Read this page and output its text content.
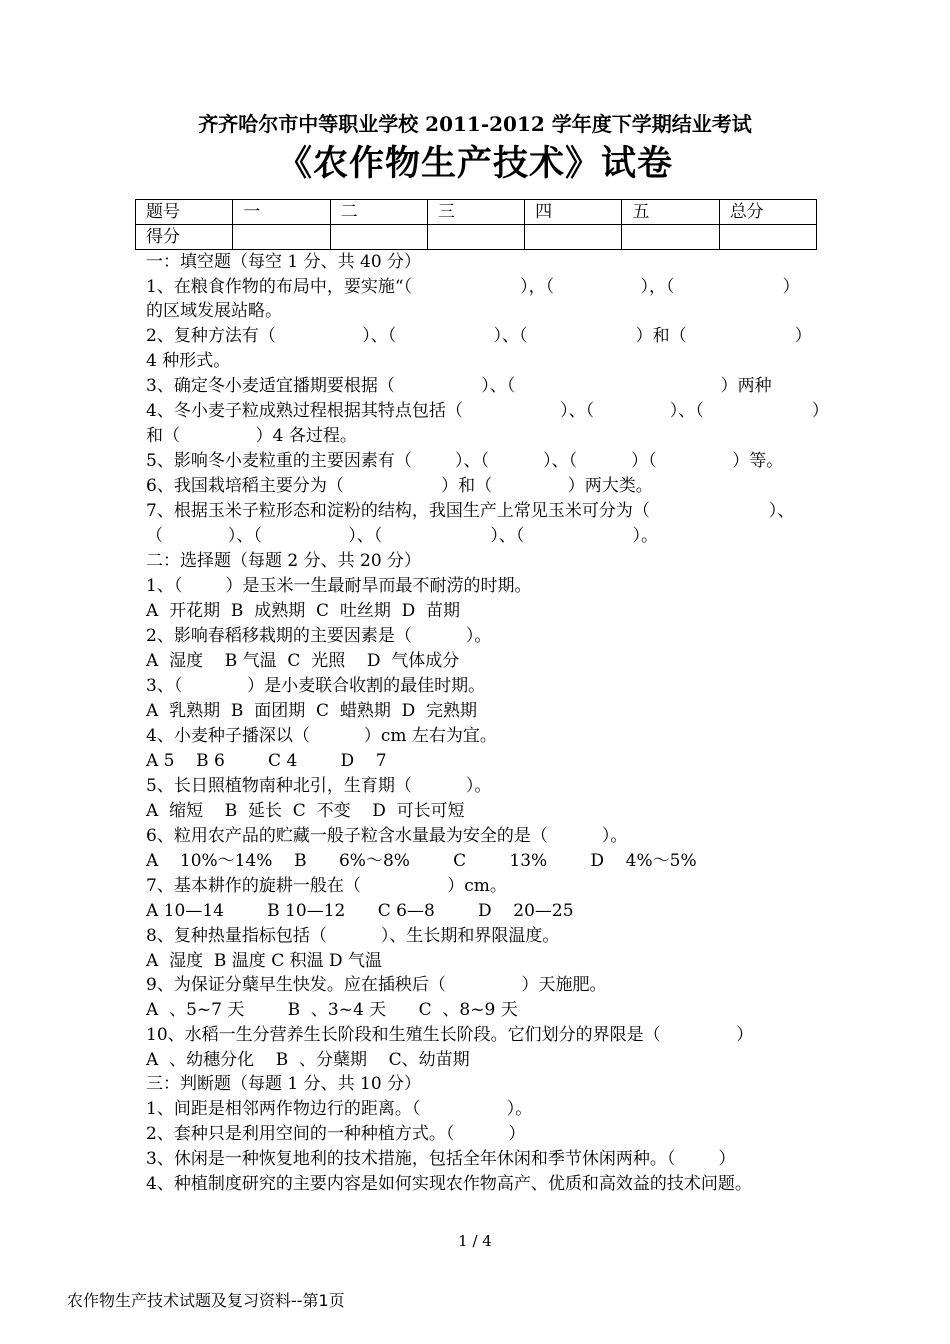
齐齐哈尔市中等职业学校 2011-2012 学年度下学期结业考试
《农作物生产技术》试卷
题号	一	二	三	四	五	总分
得分						
一：填空题（每空 1 分、共 40 分）
1、在粮食作物的布局中，要实施“（                    ），（                ），（                    ）
的区域发展站略。
2、复种方法有（                ）、（                  ）、（                    ）和（                    ）
4 种形式。
3、确定冬小麦适宜播期要根据（                ）、（                                      ）两种
4、冬小麦子粒成熟过程根据其特点包括（                  ）、（              ）、（                    ）
和（              ）4 各过程。
5、影响冬小麦粒重的主要因素有（        ）、（          ）、（          ）（              ）等。
6、我国栽培稻主要分为（                  ）和（              ）两大类。
7、根据玉米子粒形态和淀粉的结构，我国生产上常见玉米可分为（                      ）、
（            ）、（                ）、（                    ）、（                    ）。
二：选择题（每题 2 分、共 20 分）
1、（        ）是玉米一生最耐旱而最不耐涝的时期。
A  开花期  B  成熟期  C  吐丝期  D  苗期
2、影响春稻移栽期的主要因素是（          ）。
A  湿度    B 气温  C  光照    D  气体成分
3、（            ）是小麦联合收割的最佳时期。
A  乳熟期  B  面团期  C  蜡熟期  D  完熟期
4、小麦种子播深以（          ）cm 左右为宜。
A 5    B 6        C 4        D    7
5、长日照植物南种北引，生育期（          ）。
A  缩短    B  延长  C  不变    D  可长可短
6、粒用农产品的贮藏一般子粒含水量最为安全的是（          ）。
A    10%～14%    B      6%～8%        C        13%        D    4%～5%
7、基本耕作的旋耕一般在（                ）cm。
A 10—14        B 10—12      C 6—8        D    20—25
8、复种热量指标包括（          ）、生长期和界限温度。
A  湿度  B 温度 C 积温 D 气温
9、为保证分蘖早生快发。应在插秧后（              ）天施肥。
A  、5~7 天        B  、3~4 天      C  、8~9 天
10、水稻一生分营养生长阶段和生殖生长阶段。它们划分的界限是（              ）
A  、幼穗分化    B  、分蘖期    C、幼苗期
三：判断题（每题 1 分、共 10 分）
1、间距是相邻两作物边行的距离。（                ）。
2、套种只是利用空间的一种种植方式。（          ）
3、休闲是一种恢复地利的技术措施，包括全年休闲和季节休闲两种。（        ）
4、种植制度研究的主要内容是如何实现农作物高产、优质和高效益的技术问题。
1 / 4
农作物生产技术试题及复习资料--第1页
